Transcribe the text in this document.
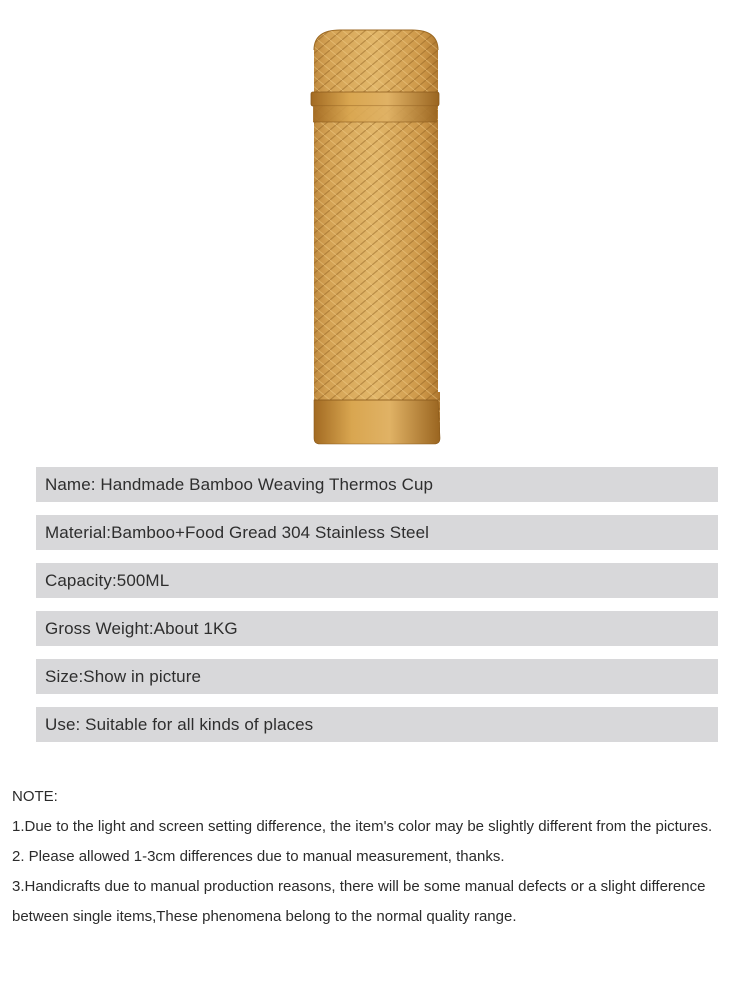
Name: Handmade Bamboo Weaving Thermos Cup
Material:Bamboo+Food Gread 304 Stainless Steel
Capacity:500ML
Gross Weight:About 1KG
Size:Show in picture
Use: Suitable for all kinds of places

NOTE:

1.Due to the light and screen setting difference, the item's color may be slightly different from the pictures.

2. Please allowed 1-3cm differences due to manual measurement, thanks.

3.Handicrafts due to manual production reasons, there will be some manual defects or a slight difference between single items,These phenomena belong to the normal quality range.
